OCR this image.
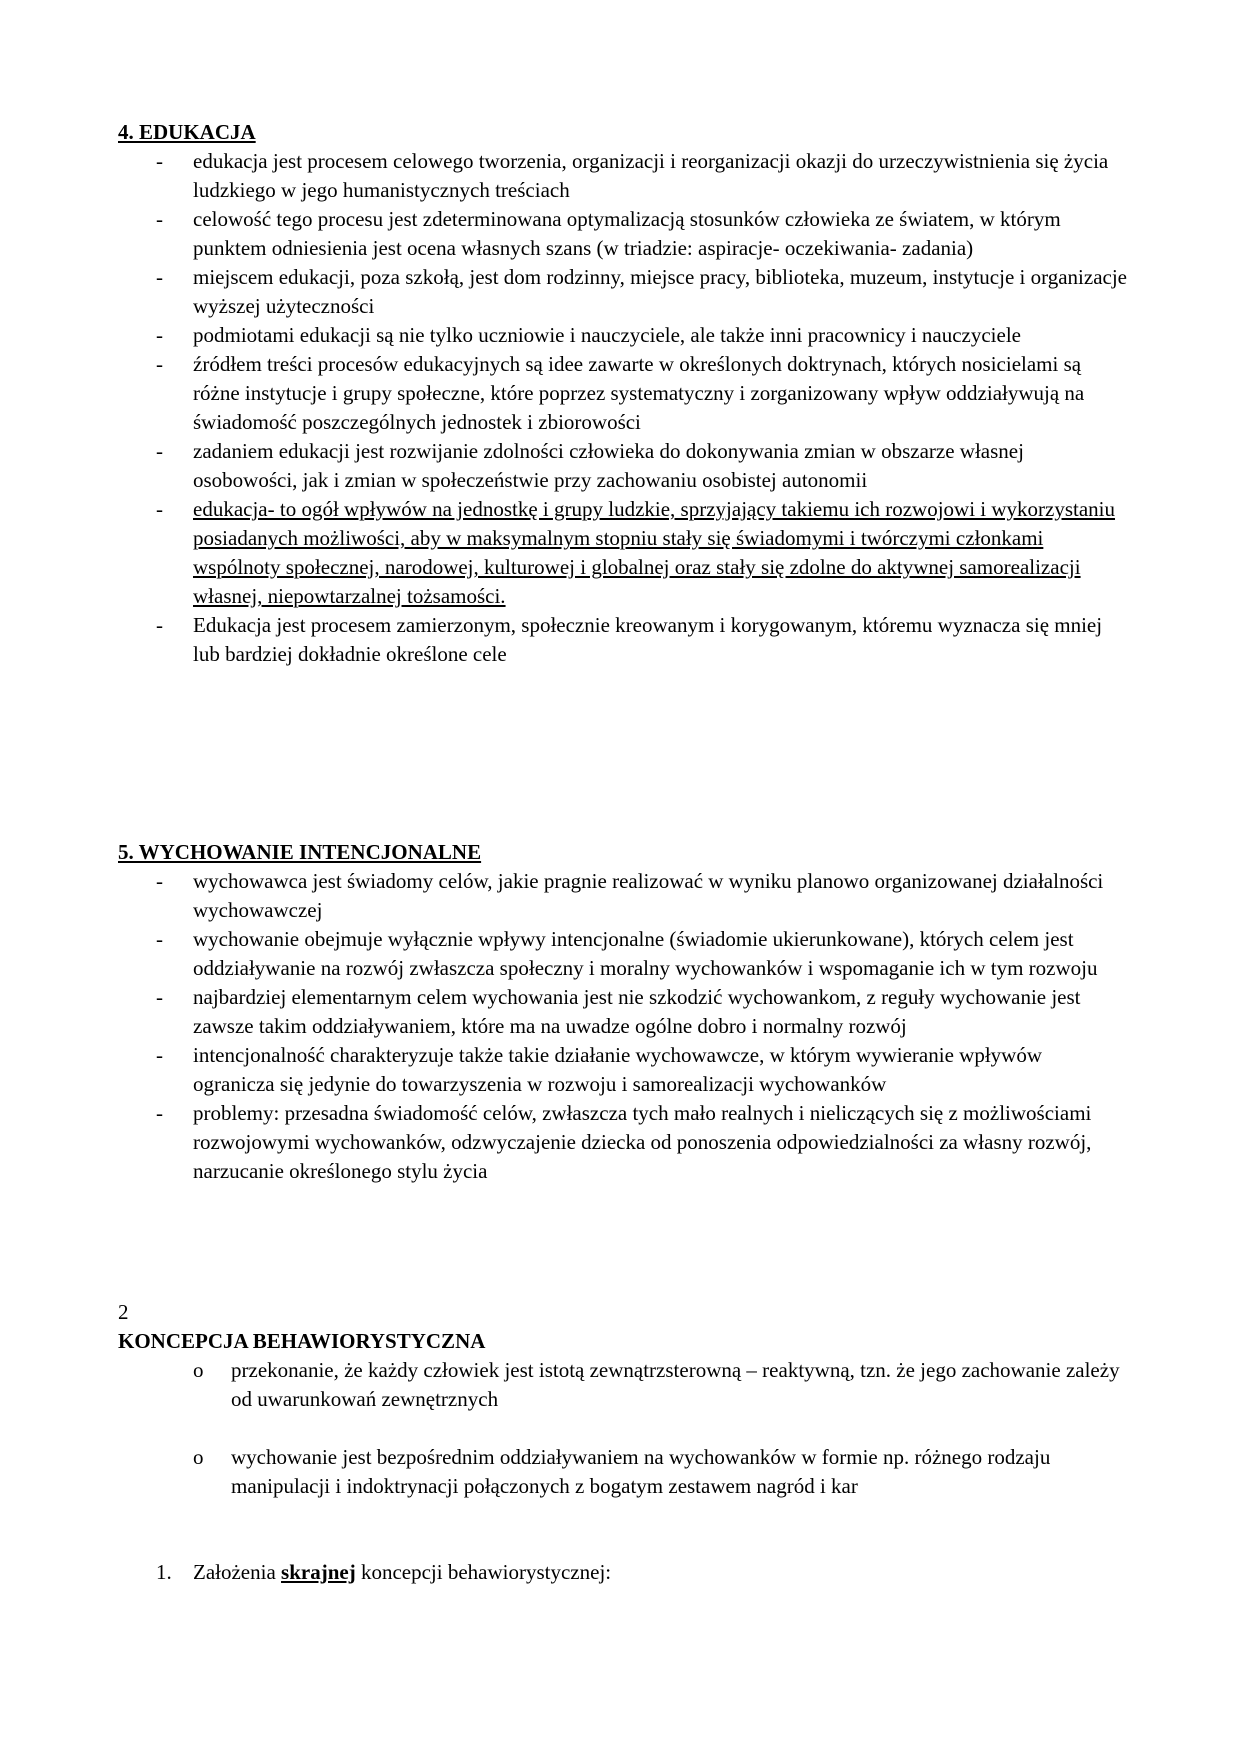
4. EDUKACJA
- edukacja jest procesem celowego tworzenia, organizacji i reorganizacji okazji do urzeczywistnienia się życia ludzkiego w jego humanistycznych treściach
- celowość tego procesu jest zdeterminowana optymalizacją stosunków człowieka ze światem, w którym punktem odniesienia jest ocena własnych szans (w triadzie: aspiracje- oczekiwania- zadania)
- miejscem edukacji, poza szkołą, jest dom rodzinny, miejsce pracy, biblioteka, muzeum, instytucje i organizacje wyższej użyteczności
- podmiotami edukacji są nie tylko uczniowie i nauczyciele, ale także inni pracownicy i nauczyciele
- źródłem treści procesów edukacyjnych są idee zawarte w określonych doktrynach, których nosicielami są różne instytucje i grupy społeczne, które poprzez systematyczny i zorganizowany wpływ oddziaływują na świadomość poszczególnych jednostek i zbiorowości
- zadaniem edukacji jest rozwijanie zdolności człowieka do dokonywania zmian w obszarze własnej osobowości, jak i zmian w społeczeństwie przy zachowaniu osobistej autonomii
- edukacja- to ogół wpływów na jednostkę i grupy ludzkie, sprzyjający takiemu ich rozwojowi i wykorzystaniu posiadanych możliwości, aby w maksymalnym stopniu stały się świadomymi i twórczymi członkami wspólnoty społecznej, narodowej, kulturowej i globalnej oraz stały się zdolne do aktywnej samorealizacji własnej, niepowtarzalnej tożsamości.
- Edukacja jest procesem zamierzonym, społecznie kreowanym i korygowanym, któremu wyznacza się mniej lub bardziej dokładnie określone cele
5. WYCHOWANIE INTENCJONALNE
- wychowawca jest świadomy celów, jakie pragnie realizować w wyniku planowo organizowanej działalności wychowawczej
- wychowanie obejmuje wyłącznie wpływy intencjonalne (świadomie ukierunkowane), których celem jest oddziaływanie na rozwój zwłaszcza społeczny i moralny wychowanków i wspomaganie ich w tym rozwoju
- najbardziej elementarnym celem wychowania jest nie szkodzić wychowankom, z reguły wychowanie jest zawsze takim oddziaływaniem, które ma na uwadze ogólne dobro i normalny rozwój
- intencjonalność charakteryzuje także takie działanie wychowawcze, w którym wywieranie wpływów ogranicza się jedynie do towarzyszenia w rozwoju i samorealizacji wychowanków
- problemy: przesadna świadomość celów, zwłaszcza tych mało realnych i nieliczących się z możliwościami rozwojowymi wychowanków, odzwyczajenie dziecka od ponoszenia odpowiedzialności za własny rozwój, narzucanie określonego stylu życia
2
KONCEPCJA BEHAWIORYSTYCZNA
o przekonanie, że każdy człowiek jest istotą zewnątrzsterowną – reaktywną, tzn. że jego zachowanie zależy od uwarunkowań zewnętrznych
o wychowanie jest bezpośrednim oddziaływaniem na wychowanków w formie np. różnego rodzaju manipulacji i indoktrynacji połączonych z bogatym zestawem nagród i kar
1. Założenia skrajnej koncepcji behawiorystycznej:
